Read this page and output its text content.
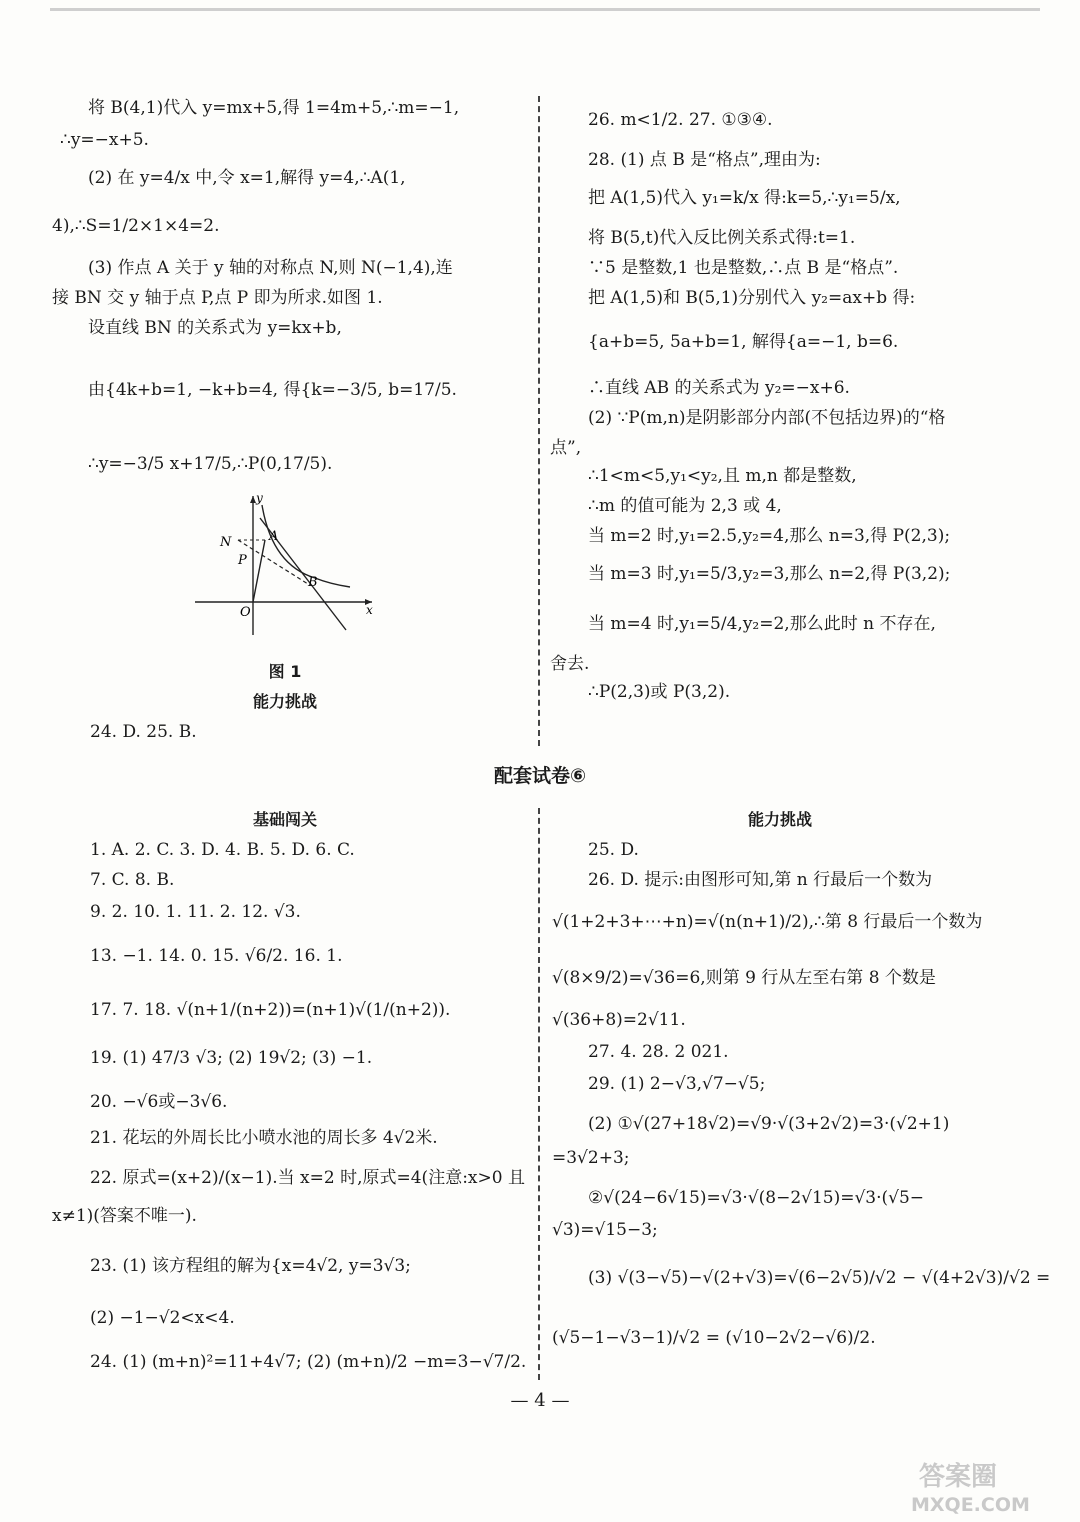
将 B(4,1)代入 y=mx+5,得 1=4m+5,∴m=−1,
∴y=−x+5.
(2) 在 y=4/x 中,令 x=1,解得 y=4,∴A(1,
4),∴S=1/2×1×4=2.
(3) 作点 A 关于 y 轴的对称点 N,则 N(−1,4),连
接 BN 交 y 轴于点 P,点 P 即为所求.如图 1.
设直线 BN 的关系式为 y=kx+b,
由{4k+b=1, −k+b=4, 得{k=−3/5, b=17/5.
∴y=−3/5 x+17/5,∴P(0,17/5).
y
x
O
N	A
P
B
图 1
能力挑战
24. D. 25. B.
26. m<1/2. 27. ①③④.
28. (1) 点 B 是“格点”,理由为:
把 A(1,5)代入 y₁=k/x 得:k=5,∴y₁=5/x,
将 B(5,t)代入反比例关系式得:t=1.
∵5 是整数,1 也是整数,∴点 B 是“格点”.
把 A(1,5)和 B(5,1)分别代入 y₂=ax+b 得:
{a+b=5, 5a+b=1, 解得{a=−1, b=6.
∴直线 AB 的关系式为 y₂=−x+6.
(2) ∵P(m,n)是阴影部分内部(不包括边界)的“格
点”,
∴1<m<5,y₁<y₂,且 m,n 都是整数,
∴m 的值可能为 2,3 或 4,
当 m=2 时,y₁=2.5,y₂=4,那么 n=3,得 P(2,3);
当 m=3 时,y₁=5/3,y₂=3,那么 n=2,得 P(3,2);
当 m=4 时,y₁=5/4,y₂=2,那么此时 n 不存在,
舍去.
∴P(2,3)或 P(3,2).
配套试卷⑥
基础闯关
1. A. 2. C. 3. D. 4. B. 5. D. 6. C.
7. C. 8. B.
9. 2. 10. 1. 11. 2. 12. √3.
13. −1. 14. 0. 15. √6/2. 16. 1.
17. 7. 18. √(n+1/(n+2))=(n+1)√(1/(n+2)).
19. (1) 47/3 √3; (2) 19√2; (3) −1.
20. −√6或−3√6.
21. 花坛的外周长比小喷水池的周长多 4√2米.
22. 原式=(x+2)/(x−1).当 x=2 时,原式=4(注意:x>0 且
x≠1)(答案不唯一).
23. (1) 该方程组的解为{x=4√2, y=3√3;
(2) −1−√2<x<4.
24. (1) (m+n)²=11+4√7; (2) (m+n)/2 −m=3−√7/2.
能力挑战
25. D.
26. D. 提示:由图形可知,第 n 行最后一个数为
√(1+2+3+⋯+n)=√(n(n+1)/2),∴第 8 行最后一个数为
√(8×9/2)=√36=6,则第 9 行从左至右第 8 个数是
√(36+8)=2√11.
27. 4. 28. 2 021.
29. (1) 2−√3,√7−√5;
(2) ①√(27+18√2)=√9·√(3+2√2)=3·(√2+1)
=3√2+3;
②√(24−6√15)=√3·√(8−2√15)=√3·(√5−
√3)=√15−3;
(3) √(3−√5)−√(2+√3)=√(6−2√5)/√2 − √(4+2√3)/√2 =
(√5−1−√3−1)/√2 = (√10−2√2−√6)/2.
— 4 —
答案圈
MXQE.COM
